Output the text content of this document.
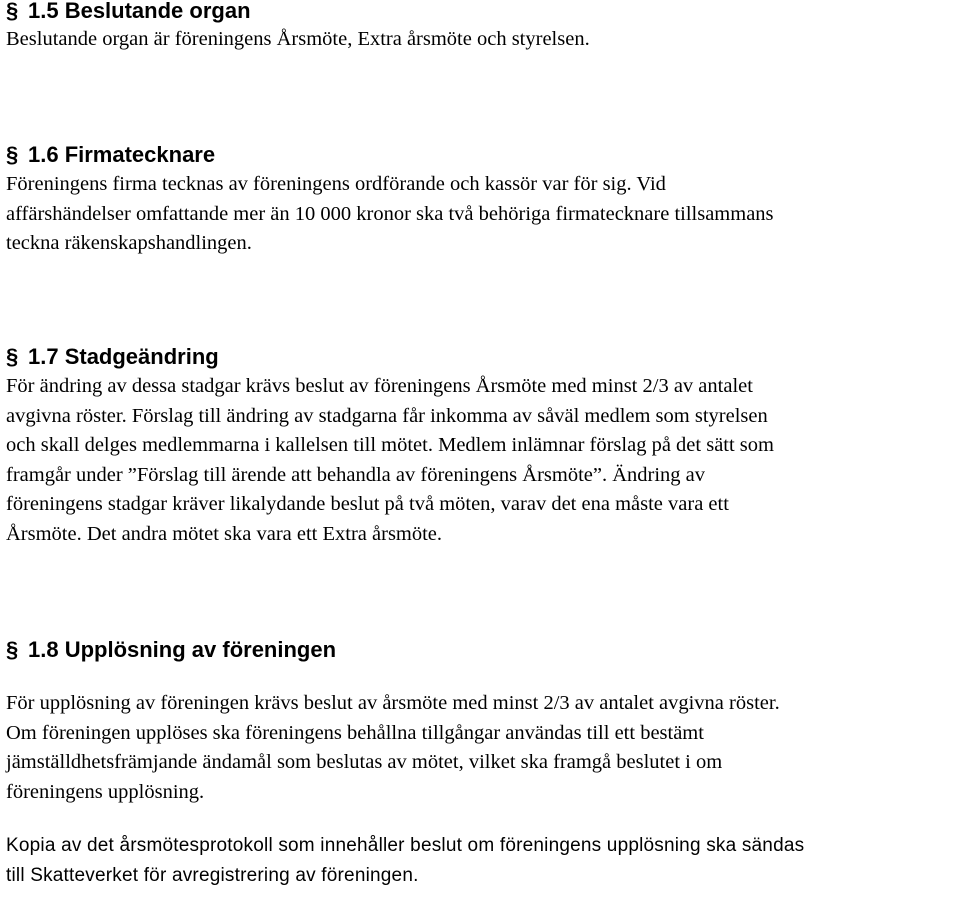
§ 1.5 Beslutande organ

Beslutande organ är föreningens Årsmöte, Extra årsmöte och styrelsen.

§ 1.6 Firmatecknare

Föreningens firma tecknas av föreningens ordförande och kassör var för sig. Vid
affärshändelser omfattande mer än 10 000 kronor ska två behöriga firmatecknare tillsammans
teckna räkenskapshandlingen.

§ 1.7 Stadgeändring

För ändring av dessa stadgar krävs beslut av föreningens Årsmöte med minst 2/3 av antalet
avgivna röster. Förslag till ändring av stadgarna får inkomma av såväl medlem som styrelsen
och skall delges medlemmarna i kallelsen till mötet. Medlem inlämnar förslag på det sätt som
framgår under ”Förslag till ärende att behandla av föreningens Årsmöte”. Ändring av
föreningens stadgar kräver likalydande beslut på två möten, varav det ena måste vara ett
Årsmöte. Det andra mötet ska vara ett Extra årsmöte.

§ 1.8 Upplösning av föreningen

För upplösning av föreningen krävs beslut av årsmöte med minst 2/3 av antalet avgivna röster.
Om föreningen upplöses ska föreningens behållna tillgångar användas till ett bestämt
jämställdhetsfrämjande ändamål som beslutas av mötet, vilket ska framgå beslutet i om
föreningens upplösning.

Kopia av det årsmötesprotokoll som innehåller beslut om föreningens upplösning ska sändas
till Skatteverket för avregistrering av föreningen.
